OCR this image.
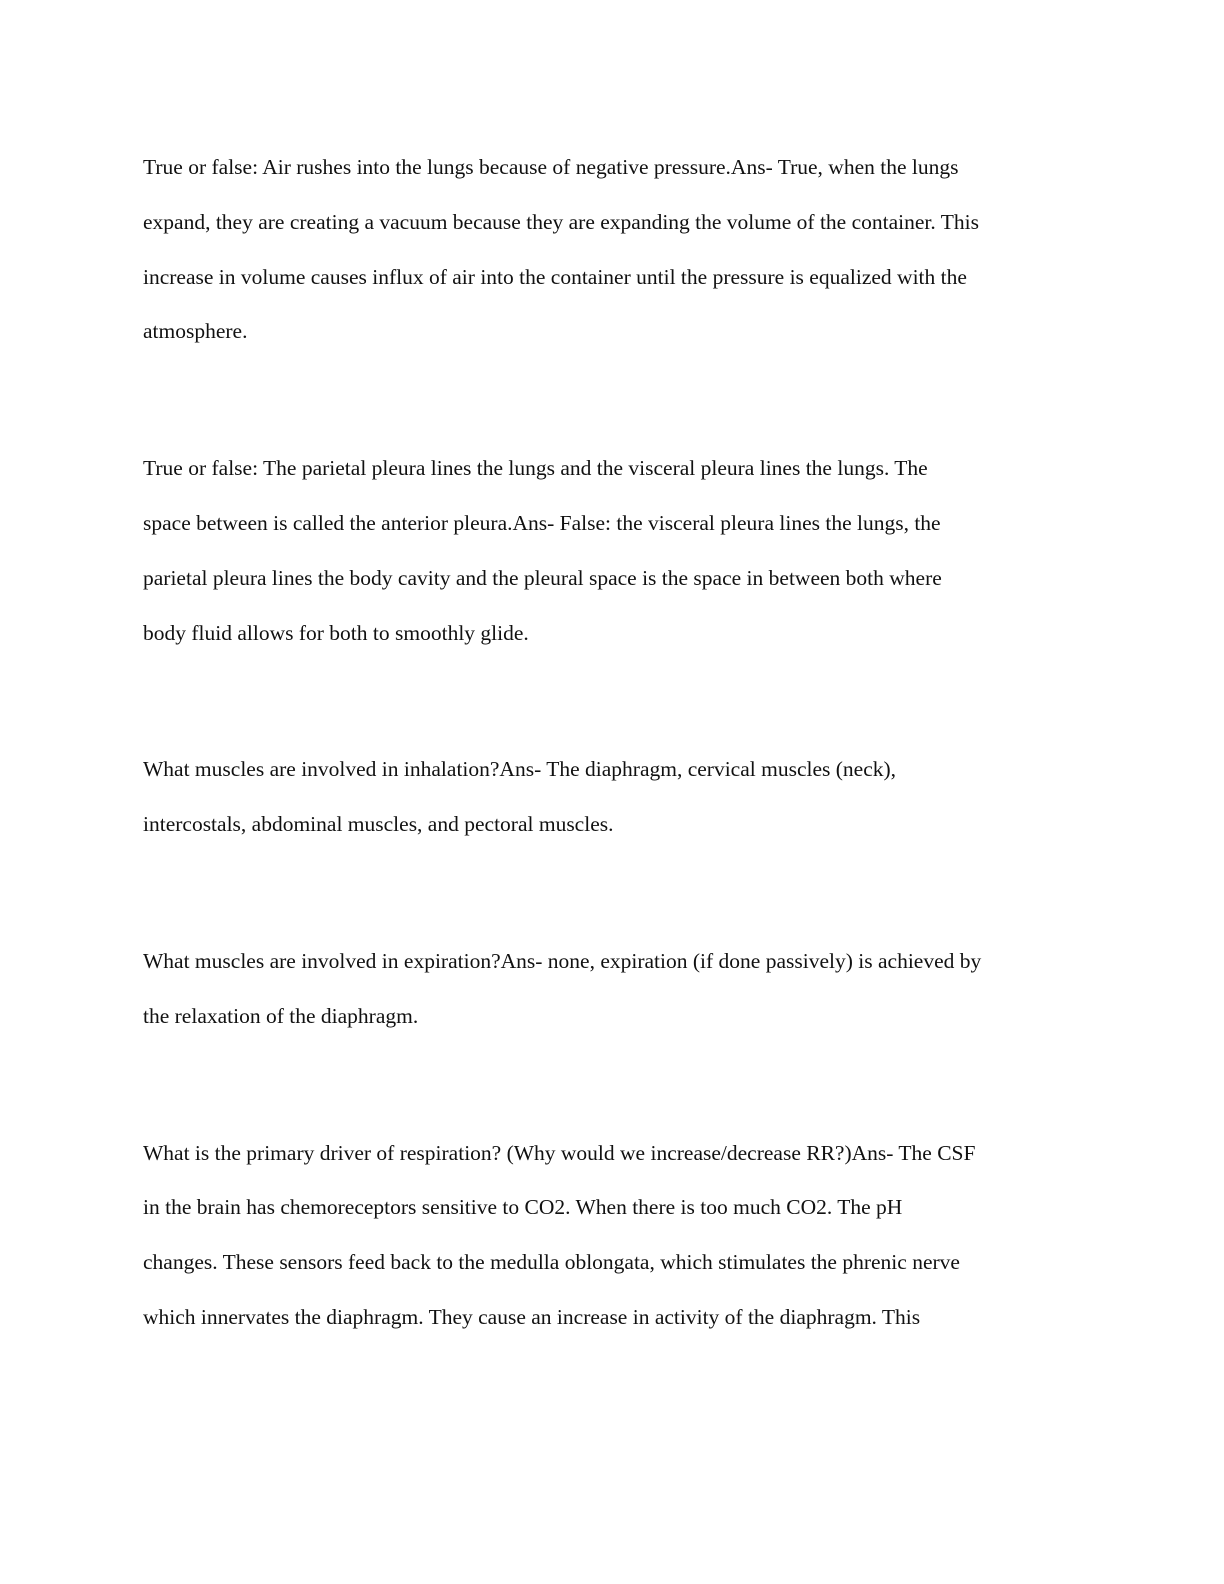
True or false: Air rushes into the lungs because of negative pressure.Ans- True, when the lungs
expand, they are creating a vacuum because they are expanding the volume of the container. This
increase in volume causes influx of air into the container until the pressure is equalized with the
atmosphere.

True or false: The parietal pleura lines the lungs and the visceral pleura lines the lungs. The
space between is called the anterior pleura.Ans- False: the visceral pleura lines the lungs, the
parietal pleura lines the body cavity and the pleural space is the space in between both where
body fluid allows for both to smoothly glide.

What muscles are involved in inhalation?Ans- The diaphragm, cervical muscles (neck),
intercostals, abdominal muscles, and pectoral muscles.

What muscles are involved in expiration?Ans- none, expiration (if done passively) is achieved by
the relaxation of the diaphragm.

What is the primary driver of respiration? (Why would we increase/decrease RR?)Ans- The CSF
in the brain has chemoreceptors sensitive to CO2. When there is too much CO2. The pH
changes. These sensors feed back to the medulla oblongata, which stimulates the phrenic nerve
which innervates the diaphragm. They cause an increase in activity of the diaphragm. This
